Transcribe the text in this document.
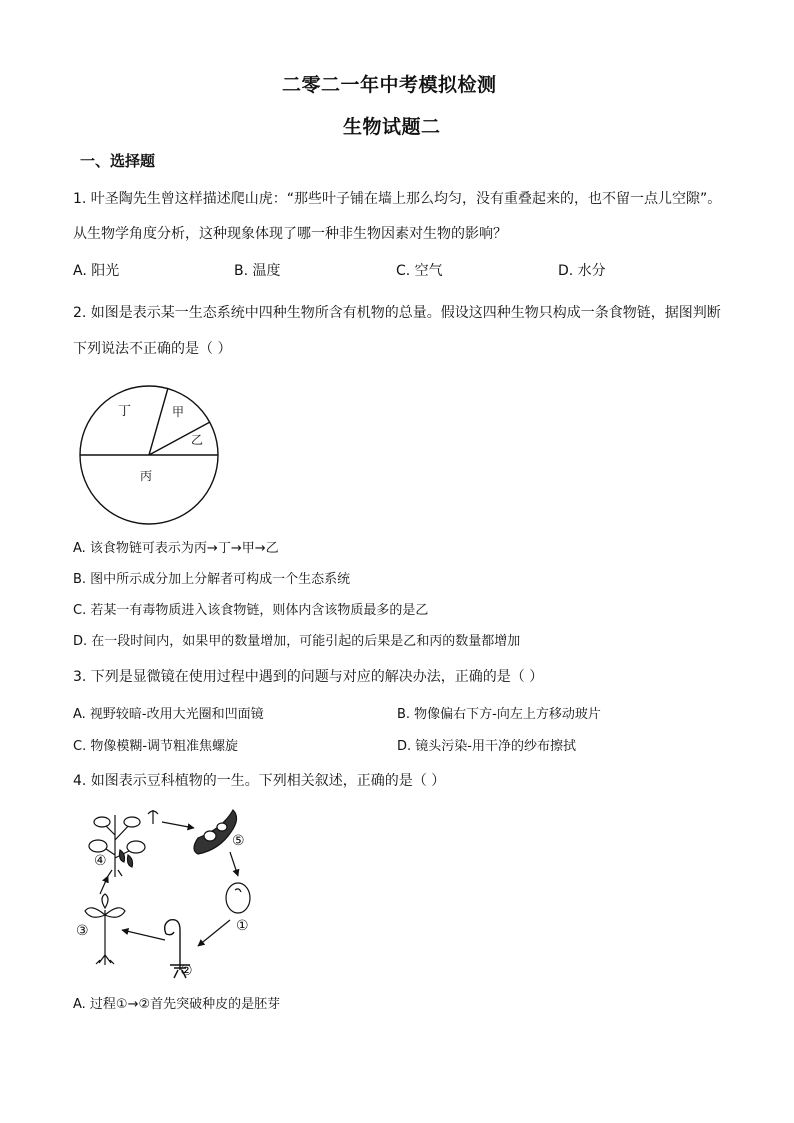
二零二一年中考模拟检测
生物试题二
一、选择题
1. 叶圣陶先生曾这样描述爬山虎：“那些叶子铺在墙上那么均匀，没有重叠起来的，也不留一点儿空隙”。
从生物学角度分析，这种现象体现了哪一种非生物因素对生物的影响？
A. 阳光	B. 温度	C. 空气	D. 水分
2. 如图是表示某一生态系统中四种生物所含有机物的总量。假设这四种生物只构成一条食物链，据图判断
下列说法不正确的是（ ）
丁	甲
乙
丙
A. 该食物链可表示为丙→丁→甲→乙
B. 图中所示成分加上分解者可构成一个生态系统
C. 若某一有毒物质进入该食物链，则体内含该物质最多的是乙
D. 在一段时间内，如果甲的数量增加，可能引起的后果是乙和丙的数量都增加
3. 下列是显微镜在使用过程中遇到的问题与对应的解决办法，正确的是（ ）
A. 视野较暗-改用大光圈和凹面镜	B. 物像偏右下方-向左上方移动玻片
C. 物像模糊-调节粗准焦螺旋	D. 镜头污染-用干净的纱布擦拭
4. 如图表示豆科植物的一生。下列相关叙述，正确的是（ ）
①
②
③
④
⑤
A. 过程①→②首先突破种皮的是胚芽
